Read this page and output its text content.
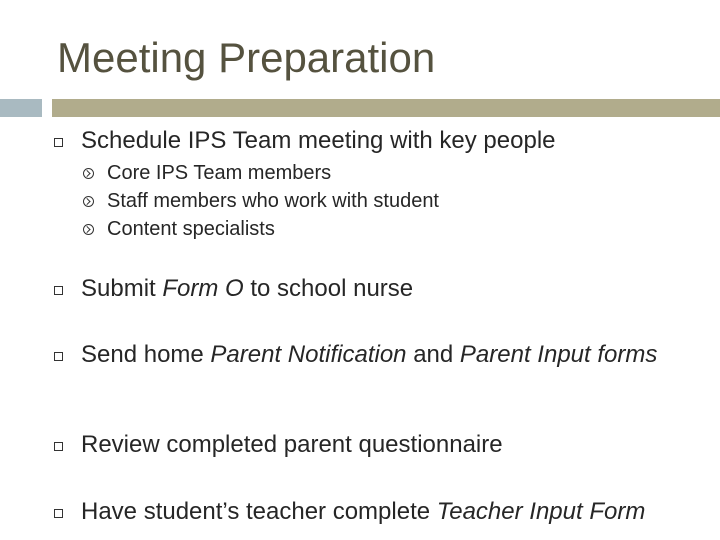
Meeting Preparation
Schedule IPS Team meeting with key people
Core IPS Team members
Staff members who work with student
Content specialists
Submit Form O to school nurse
Send home Parent Notification and Parent Input forms
Review completed parent questionnaire
Have student’s teacher complete Teacher Input Form
